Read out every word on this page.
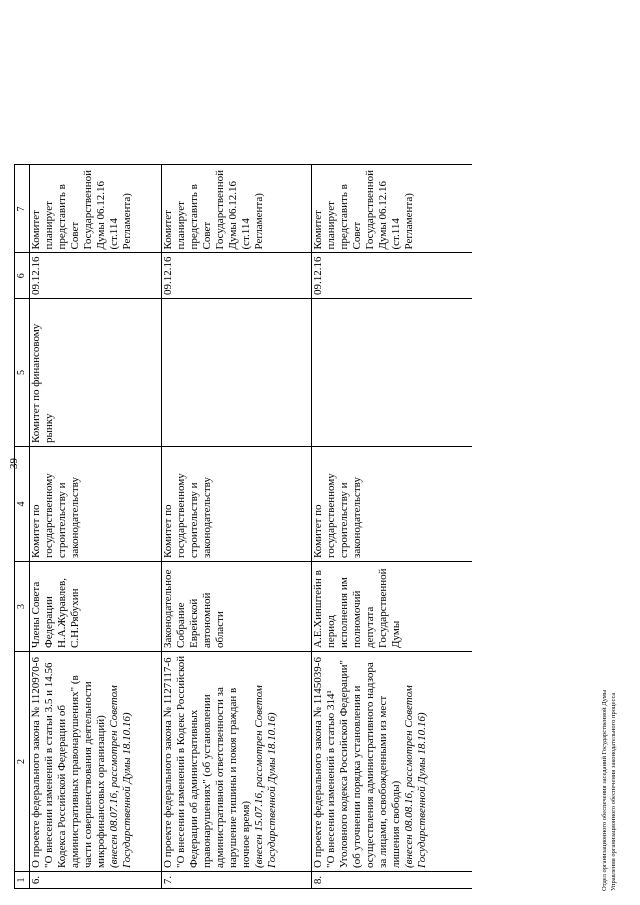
39
1	2	3	4	5	6	7
6.	О проекте федерального закона № 1120970-6 "О внесении изменений в статьи 3.5 и 14.56 Кодекса Российской Федерации об административных правонарушениях" (в части совершенствования деятельности микрофинансовых организаций) (внесен 08.07.16, рассмотрен Советом Государственной Думы 18.10.16)	Члены Совета Федерации Н.А.Журавлев, С.Н.Рябухин	Комитет по государственному строительству и законодательству	Комитет по финансовому рынку	09.12.16	Комитет планирует представить в Совет Государственной Думы 06.12.16 (ст.114 Регламента)
7.	О проекте федерального закона № 1127117-6 "О внесении изменений в Кодекс Российской Федерации об административных правонарушениях" (об установлении административной ответственности за нарушение тишины и покоя граждан в ночное время) (внесен 15.07.16, рассмотрен Советом Государственной Думы 18.10.16)	Законодательное Собрание Еврейской автономной области	Комитет по государственному строительству и законодательству		09.12.16	Комитет планирует представить в Совет Государственной Думы 06.12.16 (ст.114 Регламента)
8.	О проекте федерального закона № 1145039-6 "О внесении изменений в статью 314¹ Уголовного кодекса Российской Федерации" (об уточнении порядка установления и осуществления административного надзора за лицами, освобожденными из мест лишения свободы) (внесен 08.08.16, рассмотрен Советом Государственной Думы 18.10.16)	А.Е.Хинштейн в период исполнения им полномочий депутата Государственной Думы	Комитет по государственному строительству и законодательству		09.12.16	Комитет планирует представить в Совет Государственной Думы 06.12.16 (ст.114 Регламента)
Отдел организационного обеспечения заседаний Государственной Думы Управления организационного обеспечения законодательного процесса
